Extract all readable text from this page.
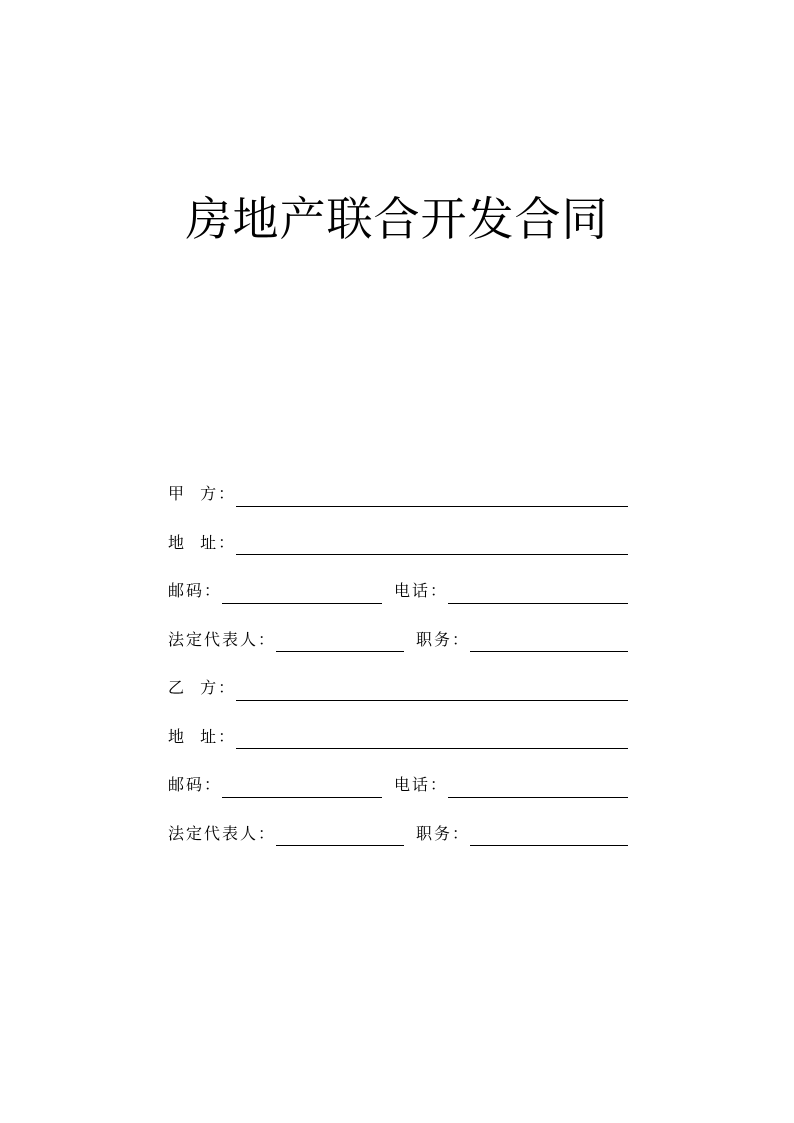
房地产联合开发合同
甲  方：
地  址：
邮码：	电话：
法定代表人：	职务：
乙  方：
地  址：
邮码：	电话：
法定代表人：	职务：
